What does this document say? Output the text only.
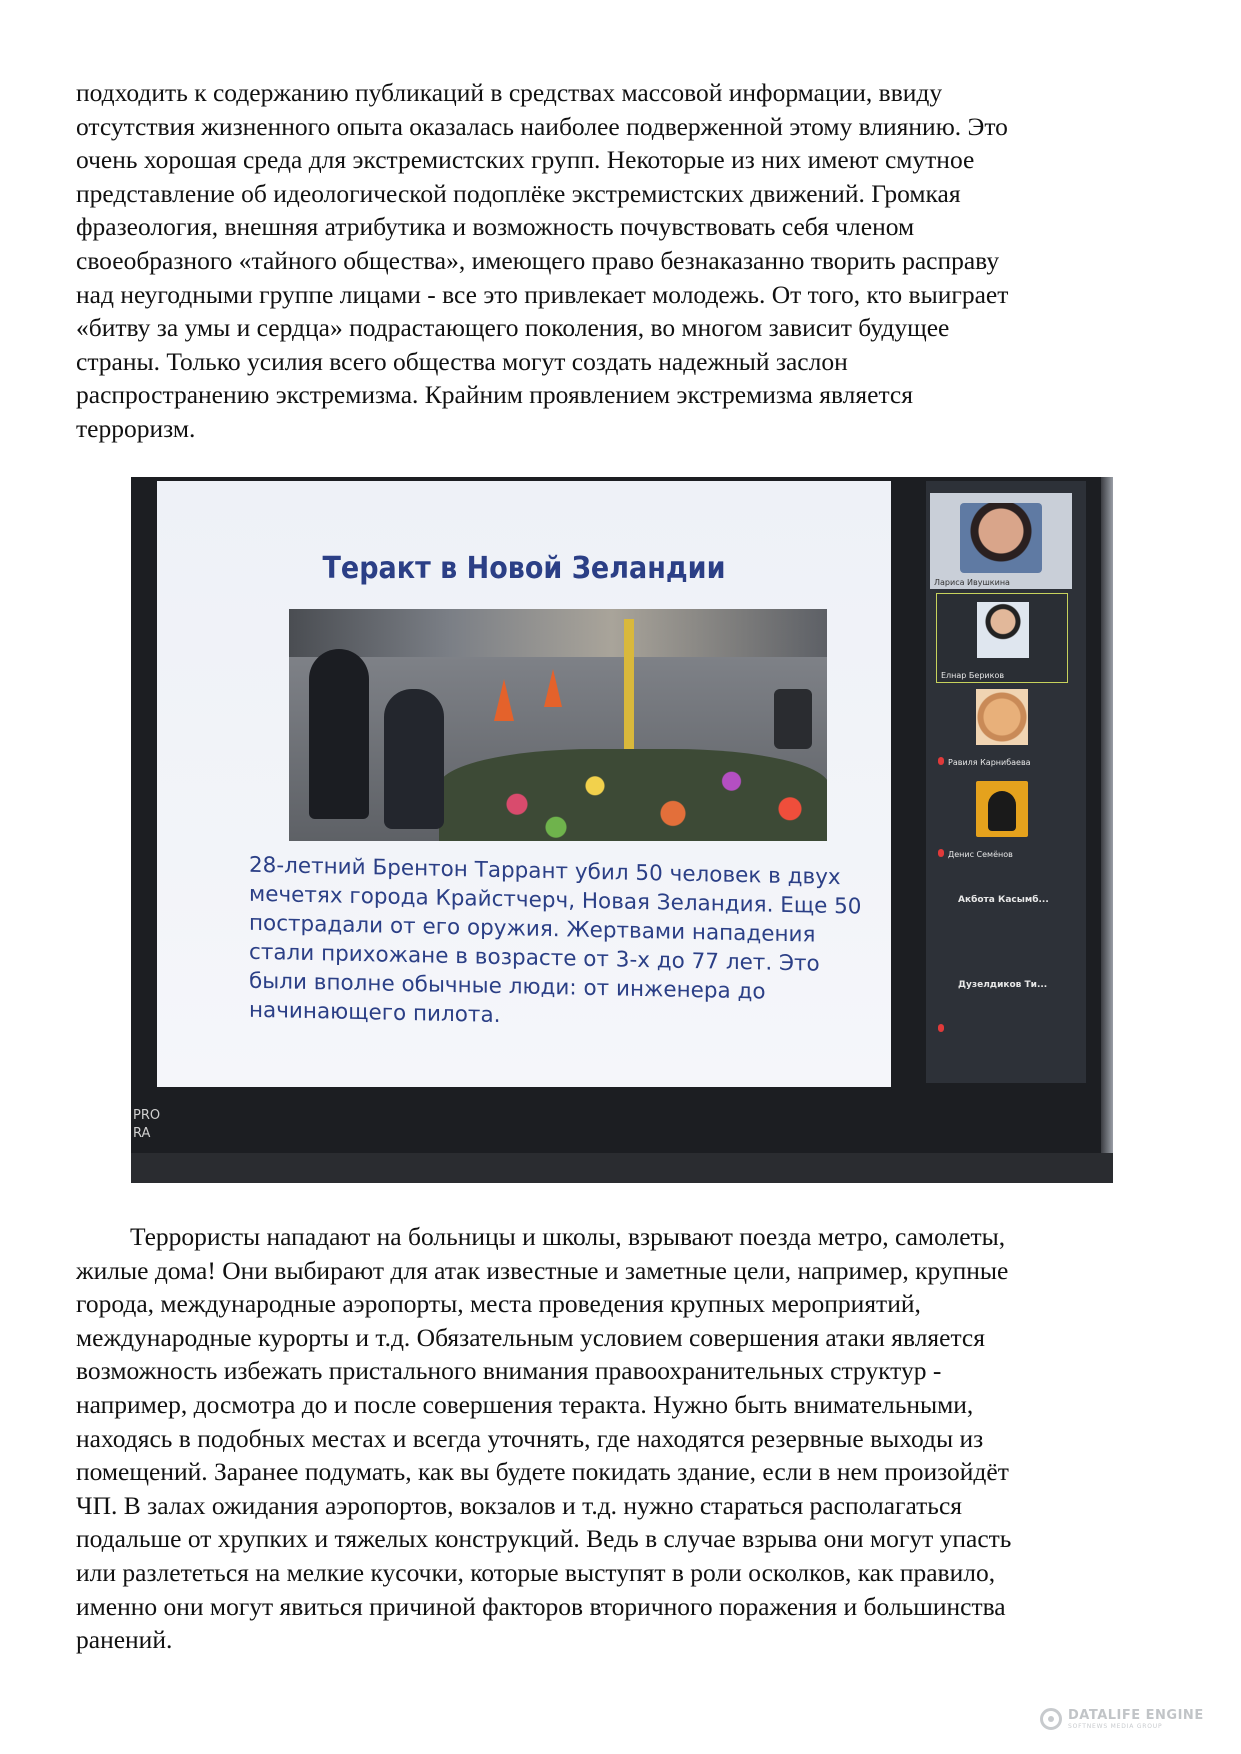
подходить к содержанию публикаций в средствах массовой информации, ввиду
отсутствия жизненного опыта оказалась наиболее подверженной этому влиянию. Это
очень хорошая среда для экстремистских групп. Некоторые из них имеют смутное
представление об идеологической подоплёке экстремистских движений. Громкая
фразеология, внешняя атрибутика и возможность почувствовать себя членом
своеобразного «тайного общества», имеющего право безнаказанно творить расправу
над неугодными группе лицами - все это привлекает молодежь. От того, кто выиграет
«битву за умы и сердца» подрастающего поколения, во многом зависит будущее
страны. Только усилия всего общества могут создать надежный заслон
распространению экстремизма. Крайним проявлением экстремизма является
терроризм.

Теракт в Новой Зеландии
28-летний Брентон Таррант убил 50 человек в двух
мечетях города Крайстчерч, Новая Зеландия. Еще 50
пострадали от его оружия. Жертвами нападения
стали прихожане в возрасте от 3-х до 77 лет. Это
были вполне обычные люди: от инженера до
начинающего пилота.
Лариса Ивушкина
Елнар Бериков
Равиля Карнибаева
Денис Семёнов
Акбота Касымб...
Дузелдиков Ти...
PRO
RA

Террористы нападают на больницы и школы, взрывают поезда метро, самолеты,
жилые дома! Они выбирают для атак известные и заметные цели, например, крупные
города, международные аэропорты, места проведения крупных мероприятий,
международные курорты и т.д. Обязательным условием совершения атаки является
возможность избежать пристального внимания правоохранительных структур -
например, досмотра до и после совершения теракта. Нужно быть внимательными,
находясь в подобных местах и всегда уточнять, где находятся резервные выходы из
помещений. Заранее подумать, как вы будете покидать здание, если в нем произойдёт
ЧП. В залах ожидания аэропортов, вокзалов и т.д. нужно стараться располагаться
подальше от хрупких и тяжелых конструкций. Ведь в случае взрыва они могут упасть
или разлететься на мелкие кусочки, которые выступят в роли осколков, как правило,
именно они могут явиться причиной факторов вторичного поражения и большинства
ранений.

DATALIFE ENGINE
SOFTNEWS MEDIA GROUP
